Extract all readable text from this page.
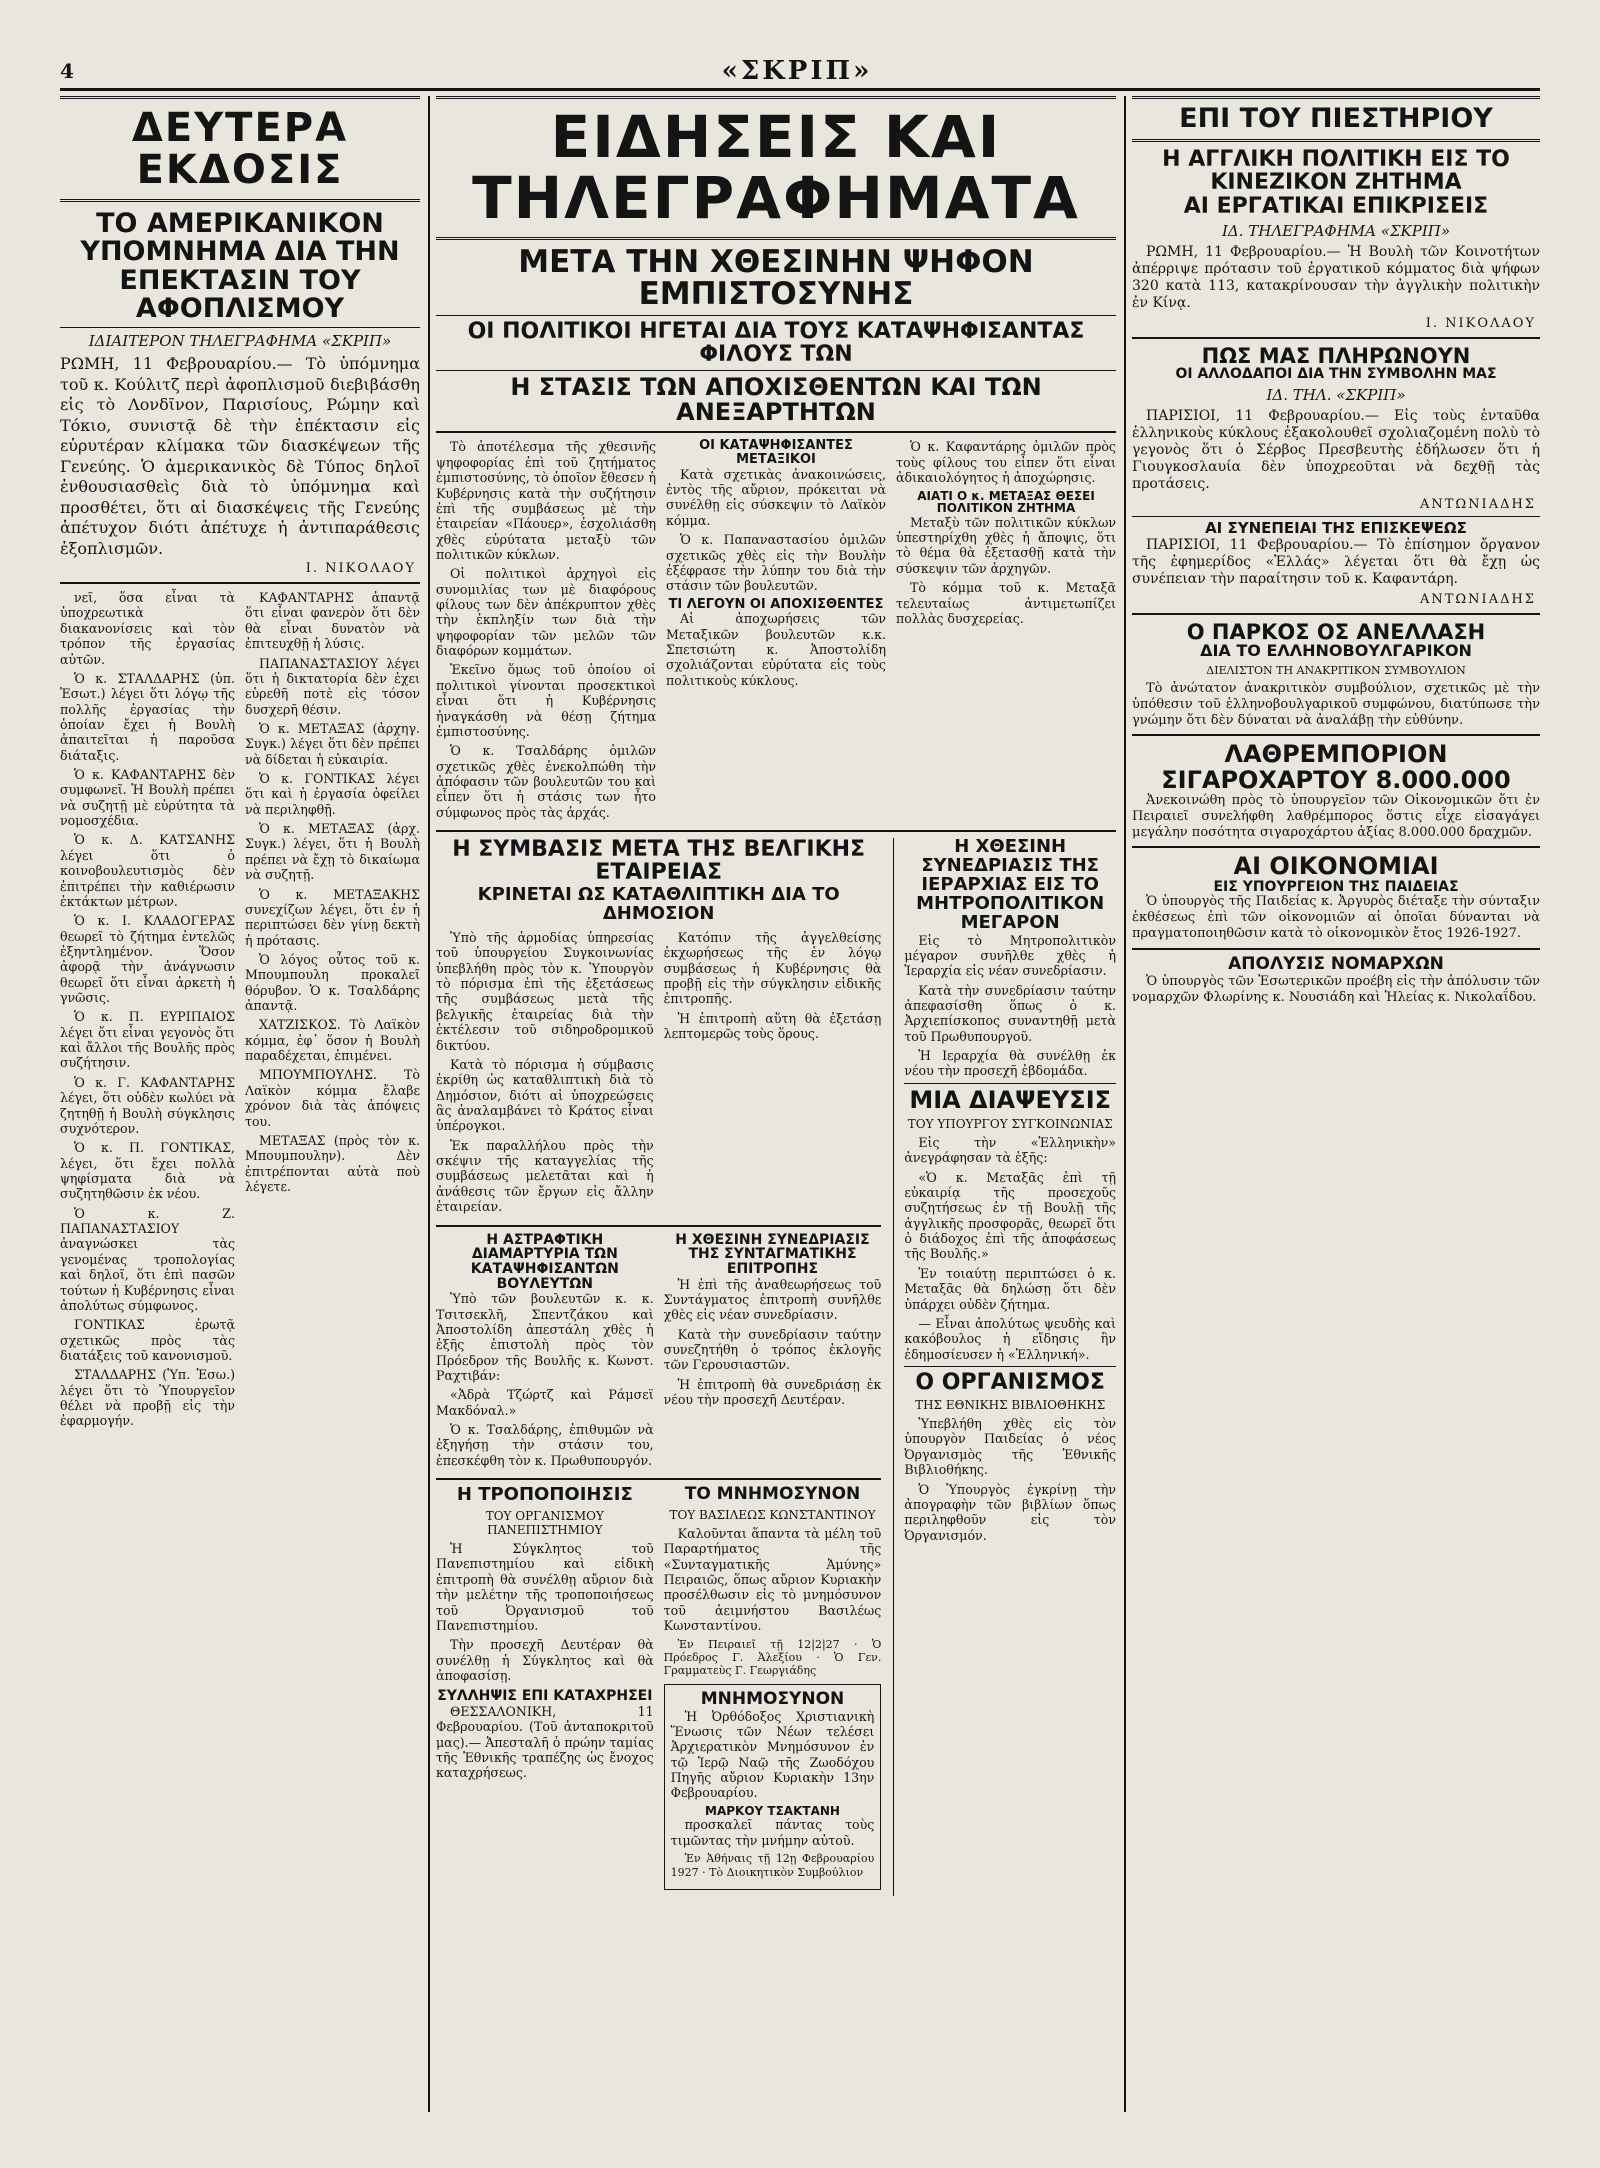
4	«ΣΚΡΙΠ»
ΔΕΥΤΕΡΑ ΕΚΔΟΣΙΣ
ΤΟ ΑΜΕΡΙΚΑΝΙΚΟΝ ΥΠΟΜΝΗΜΑ ΔΙΑ ΤΗΝ ΕΠΕΚΤΑΣΙΝ ΤΟΥ ΑΦΟΠΛΙΣΜΟΥ
ΙΔΙΑΙΤΕΡΟΝ ΤΗΛΕΓΡΑΦΗΜΑ «ΣΚΡΙΠ»

ΡΩΜΗ, 11 Φεβρουαρίου.— Τὸ ὑπόμνημα τοῦ κ. Κούλιτζ περὶ ἀφοπλισμοῦ διεβιβάσθη εἰς τὸ Λονδῖνον, Παρισίους, Ρώμην καὶ Τόκιο, συνιστᾷ δὲ τὴν ἐπέκτασιν εἰς εὐρυτέραν κλίμακα τῶν διασκέψεων τῆς Γενεύης. Ὁ ἀμερικανικὸς δὲ Τύπος δηλοῖ ἐνθουσιασθεὶς διὰ τὸ ὑπόμνημα καὶ προσθέτει, ὅτι αἱ διασκέψεις τῆς Γενεύης ἀπέτυχον διότι ἀπέτυχε ἡ ἀντιπαράθεσις ἐξοπλισμῶν.

Ι. ΝΙΚΟΛΑΟΥ

νεῖ, ὅσα εἶναι τὰ ὑποχρεωτικὰ διακανονίσεις καὶ τὸν τρόπον τῆς ἐργασίας αὐτῶν.

Ὁ κ. ΣΤΑΛΔΑΡΗΣ (ὑπ. Ἐσωτ.) λέγει ὅτι λόγῳ τῆς πολλῆς ἐργασίας τὴν ὁποίαν ἔχει ἡ Βουλὴ ἀπαιτεῖται ἡ παροῦσα διάταξις.

Ὁ κ. ΚΑΦΑΝΤΑΡΗΣ δὲν συμφωνεῖ. Ἡ Βουλὴ πρέπει νὰ συζητῇ μὲ εὐρύτητα τὰ νομοσχέδια.

Ὁ κ. Δ. ΚΑΤΣΑΝΗΣ λέγει ὅτι ὁ κοινοβουλευτισμὸς δὲν ἐπιτρέπει τὴν καθιέρωσιν ἐκτάκτων μέτρων.

Ὁ κ. Ι. ΚΛΑΔΟΓΕΡΑΣ θεωρεῖ τὸ ζήτημα ἐντελῶς ἐξηντλημένον. Ὅσον ἀφορᾷ τὴν ἀνάγνωσιν θεωρεῖ ὅτι εἶναι ἀρκετὴ ἡ γνῶσις.

Ὁ κ. Π. ΕΥΡΙΠΑΙΟΣ λέγει ὅτι εἶναι γεγονὸς ὅτι καὶ ἄλλοι τῆς Βουλῆς πρὸς συζήτησιν.

Ὁ κ. Γ. ΚΑΦΑΝΤΑΡΗΣ λέγει, ὅτι οὐδὲν κωλύει νὰ ζητηθῇ ἡ Βουλὴ σύγκλησις συχνότερον.

Ὁ κ. Π. ΓΟΝΤΙΚΑΣ, λέγει, ὅτι ἔχει πολλὰ ψηφίσματα διὰ νὰ συζητηθῶσιν ἐκ νέου.

Ὁ κ. Ζ. ΠΑΠΑΝΑΣΤΑΣΙΟΥ ἀναγνώσκει τὰς γενομένας τροπολογίας καὶ δηλοῖ, ὅτι ἐπὶ πασῶν τούτων ἡ Κυβέρνησις εἶναι ἀπολύτως σύμφωνος.

ΓΟΝΤΙΚΑΣ ἐρωτᾷ σχετικῶς πρὸς τὰς διατάξεις τοῦ κανονισμοῦ.

ΣΤΑΛΔΑΡΗΣ (Ὑπ. Ἐσω.) λέγει ὅτι τὸ Ὑπουργεῖον θέλει νὰ προβῇ εἰς τὴν ἐφαρμογήν.

ΚΑΦΑΝΤΑΡΗΣ ἀπαντᾷ ὅτι εἶναι φανερὸν ὅτι δὲν θὰ εἶναι δυνατὸν νὰ ἐπιτευχθῇ ἡ λύσις.

ΠΑΠΑΝΑΣΤΑΣΙΟΥ λέγει ὅτι ἡ δικτατορία δὲν ἐχει εὑρεθῆ ποτὲ εἰς τόσον δυσχερῆ θέσιν.

Ὁ κ. ΜΕΤΑΞΑΣ (ἀρχηγ. Συγκ.) λέγει ὅτι δὲν πρέπει νὰ δίδεται ἡ εὐκαιρία.

Ὁ κ. ΓΟΝΤΙΚΑΣ λέγει ὅτι καὶ ἡ ἐργασία ὀφείλει νὰ περιληφθῇ.

Ὁ κ. ΜΕΤΑΞΑΣ (ἀρχ. Συγκ.) λέγει, ὅτι ἡ Βουλὴ πρέπει νὰ ἔχῃ τὸ δικαίωμα νὰ συζητῇ.

Ὁ κ. ΜΕΤΑΞΑΚΗΣ συνεχίζων λέγει, ὅτι ἐν ἡ περιπτώσει δὲν γίνῃ δεκτὴ ἡ πρότασις.

Ὁ λόγος οὗτος τοῦ κ. Μπουμπουλη προκαλεῖ θόρυβον. Ὁ κ. Τσαλδάρης ἀπαντᾷ.

ΧΑΤΖΙΣΚΟΣ. Τὸ Λαϊκὸν κόμμα, ἐφ᾽ ὅσον ἡ Βουλὴ παραδέχεται, ἐπιμένει.

ΜΠΟΥΜΠΟΥΛΗΣ. Τὸ Λαϊκὸν κόμμα ἔλαβε χρόνον διὰ τὰς ἀπόψεις του.

ΜΕΤΑΞΑΣ (πρὸς τὸν κ. Μπουμπουλην). Δὲν ἐπιτρέπονται αὐτὰ ποὺ λέγετε.

ΕΙΔΗΣΕΙΣ ΚΑΙ ΤΗΛΕΓΡΑΦΗΜΑΤΑ
ΜΕΤΑ ΤΗΝ ΧΘΕΣΙΝΗΝ ΨΗΦΟΝ ΕΜΠΙΣΤΟΣΥΝΗΣ
ΟΙ ΠΟΛΙΤΙΚΟΙ ΗΓΕΤΑΙ ΔΙΑ ΤΟΥΣ ΚΑΤΑΨΗΦΙΣΑΝΤΑΣ ΦΙΛΟΥΣ ΤΩΝ
Η ΣΤΑΣΙΣ ΤΩΝ ΑΠΟΧΙΣΘΕΝΤΩΝ ΚΑΙ ΤΩΝ ΑΝΕΞΑΡΤΗΤΩΝ

Τὸ ἀποτέλεσμα τῆς χθεσινῆς ψηφοφορίας ἐπὶ τοῦ ζητήματος ἐμπιστοσύνης, τὸ ὁποῖον ἔθεσεν ἡ Κυβέρνησις κατὰ τὴν συζήτησιν ἐπὶ τῆς συμβάσεως μὲ τὴν ἑταιρείαν «Πάουερ», ἐσχολιάσθη χθὲς εὐρύτατα μεταξὺ τῶν πολιτικῶν κύκλων.

Οἱ πολιτικοὶ ἀρχηγοὶ εἰς συνομιλίας των μὲ διαφόρους φίλους των δὲν ἀπέκρυπτον χθὲς τὴν ἐκπληξίν των διὰ τὴν ψηφοφορίαν τῶν μελῶν τῶν διαφόρων κομμάτων.

Ἐκεῖνο ὅμως τοῦ ὁποίου οἱ πολιτικοὶ γίνονται προσεκτικοὶ εἶναι ὅτι ἡ Κυβέρνησις ἠναγκάσθη νὰ θέσῃ ζήτημα ἐμπιστοσύνης.

Ὁ κ. Τσαλδάρης ὁμιλῶν σχετικῶς χθὲς ἐνεκολπώθη τὴν ἀπόφασιν τῶν βουλευτῶν του καὶ εἶπεν ὅτι ἡ στάσις των ἦτο σύμφωνος πρὸς τὰς ἀρχάς.

ΟΙ ΚΑΤΑΨΗΦΙΣΑΝΤΕΣ ΜΕΤΑΞΙΚΟΙ

Κατὰ σχετικὰς ἀνακοινώσεις, ἐντὸς τῆς αὔριον, πρόκειται νὰ συνέλθῃ εἰς σύσκεψιν τὸ Λαϊκὸν κόμμα.

Ὁ κ. Παπαναστασίου ὁμιλῶν σχετικῶς χθὲς εἰς τὴν Βουλὴν ἐξέφρασε τὴν λύπην του διὰ τὴν στάσιν τῶν βουλευτῶν.

ΤΙ ΛΕΓΟΥΝ ΟΙ ΑΠΟΧΙΣΘΕΝΤΕΣ

Αἱ ἀποχωρήσεις τῶν Μεταξικῶν βουλευτῶν κ.κ. Σπετσιώτη κ. Ἀποστολίδη σχολιάζονται εὐρύτατα εἰς τοὺς πολιτικοὺς κύκλους.

Ὁ κ. Καφαντάρης ὁμιλῶν πρὸς τοὺς φίλους του εἶπεν ὅτι εἶναι ἀδικαιολόγητος ἡ ἀποχώρησις.

ΑΙΑΤΙ Ο κ. ΜΕΤΑΞΑΣ ΘΕΣΕΙ ΠΟΛΙΤΙΚΟΝ ΖΗΤΗΜΑ

Μεταξὺ τῶν πολιτικῶν κύκλων ὑπεστηρίχθη χθὲς ἡ ἄποψις, ὅτι τὸ θέμα θὰ ἐξετασθῇ κατὰ τὴν σύσκεψιν τῶν ἀρχηγῶν.

Τὸ κόμμα τοῦ κ. Μεταξᾶ τελευταίως ἀντιμετωπίζει πολλὰς δυσχερείας.

Η ΣΥΜΒΑΣΙΣ ΜΕΤΑ ΤΗΣ ΒΕΛΓΙΚΗΣ ΕΤΑΙΡΕΙΑΣ
ΚΡΙΝΕΤΑΙ ΩΣ ΚΑΤΑΘΛΙΠΤΙΚΗ ΔΙΑ ΤΟ ΔΗΜΟΣΙΟΝ

Ὑπὸ τῆς ἁρμοδίας ὑπηρεσίας τοῦ ὑπουργείου Συγκοινωνίας ὑπεβλήθη πρὸς τὸν κ. Ὑπουργὸν τὸ πόρισμα ἐπὶ τῆς ἐξετάσεως τῆς συμβάσεως μετὰ τῆς βελγικῆς ἑταιρείας διὰ τὴν ἐκτέλεσιν τοῦ σιδηροδρομικοῦ δικτύου.

Κατὰ τὸ πόρισμα ἡ σύμβασις ἐκρίθη ὡς καταθλιπτικὴ διὰ τὸ Δημόσιον, διότι αἱ ὑποχρεώσεις ἃς ἀναλαμβάνει τὸ Κράτος εἶναι ὑπέρογκοι.

Ἐκ παραλλήλου πρὸς τὴν σκέψιν τῆς καταγγελίας τῆς συμβάσεως μελετᾶται καὶ ἡ ἀνάθεσις τῶν ἔργων εἰς ἄλλην ἑταιρείαν.

Κατόπιν τῆς ἀγγελθείσης ἐκχωρήσεως τῆς ἐν λόγῳ συμβάσεως ἡ Κυβέρνησις θὰ προβῇ εἰς τὴν σύγκλησιν εἰδικῆς ἐπιτροπῆς.

Ἡ ἐπιτροπὴ αὕτη θὰ ἐξετάσῃ λεπτομερῶς τοὺς ὅρους.

Η ΑΣΤΡΑΦΤΙΚΗ ΔΙΑΜΑΡΤΥΡΙΑ ΤΩΝ ΚΑΤΑΨΗΦΙΣΑΝΤΩΝ ΒΟΥΛΕΥΤΩΝ

Ὑπὸ τῶν βουλευτῶν κ. κ. Τσιτσεκλῆ, Σπεντζάκου καὶ Ἀποστολίδη ἀπεστάλη χθὲς ἡ ἑξῆς ἐπιστολὴ πρὸς τὸν Πρόεδρον τῆς Βουλῆς κ. Κωνστ. Ραχτιβάν:

«Ἀδρὰ Τζώρτζ καὶ Ράμσεϊ Μακδόναλ.»

Ὁ κ. Τσαλδάρης, ἐπιθυμῶν νὰ ἐξηγήσῃ τὴν στάσιν του, ἐπεσκέφθη τὸν κ. Πρωθυπουργόν.

Η ΧΘΕΣΙΝΗ ΣΥΝΕΔΡΙΑΣΙΣ ΤΗΣ ΣΥΝΤΑΓΜΑΤΙΚΗΣ ΕΠΙΤΡΟΠΗΣ

Ἡ ἐπὶ τῆς ἀναθεωρήσεως τοῦ Συντάγματος ἐπιτροπὴ συνῆλθε χθὲς εἰς νέαν συνεδρίασιν.

Κατὰ τὴν συνεδρίασιν ταύτην συνεζητήθη ὁ τρόπος ἐκλογῆς τῶν Γερουσιαστῶν.

Ἡ ἐπιτροπὴ θὰ συνεδριάσῃ ἐκ νέου τὴν προσεχῆ Δευτέραν.

Η ΤΡΟΠΟΠΟΙΗΣΙΣ
ΤΟΥ ΟΡΓΑΝΙΣΜΟΥ ΠΑΝΕΠΙΣΤΗΜΙΟΥ

Ἡ Σύγκλητος τοῦ Πανεπιστημίου καὶ εἰδικὴ ἐπιτροπὴ θὰ συνέλθῃ αὔριον διὰ τὴν μελέτην τῆς τροποποιήσεως τοῦ Ὀργανισμοῦ τοῦ Πανεπιστημίου.

Τὴν προσεχῆ Δευτέραν θὰ συνέλθῃ ἡ Σύγκλητος καὶ θὰ ἀποφασίσῃ.

ΣΥΛΛΗΨΙΣ ΕΠΙ ΚΑΤΑΧΡΗΣΕΙ

ΘΕΣΣΑΛΟΝΙΚΗ, 11 Φεβρουαρίου. (Τοῦ ἀνταποκριτοῦ μας).— Ἀπεσταλῆ ὁ πρώην ταμίας τῆς Ἐθνικῆς τραπέζης ὡς ἔνοχος καταχρήσεως.

ΤΟ ΜΝΗΜΟΣΥΝΟΝ
ΤΟΥ ΒΑΣΙΛΕΩΣ ΚΩΝΣΤΑΝΤΙΝΟΥ

Καλοῦνται ἅπαντα τὰ μέλη τοῦ Παραρτήματος τῆς «Συνταγματικῆς Ἀμύνης» Πειραιῶς, ὅπως αὔριον Κυριακὴν προσέλθωσιν εἰς τὸ μνημόσυνον τοῦ ἀειμνήστου Βασιλέως Κωνσταντίνου.

Ἐν Πειραιεῖ τῇ 12|2|27 · Ὁ Πρόεδρος Γ. Ἀλεξίου · Ὁ Γεν. Γραμματεὺς Γ. Γεωργιάδης

ΜΝΗΜΟΣΥΝΟΝ

Ἡ Ὀρθόδοξος Χριστιανικὴ Ἕνωσις τῶν Νέων τελέσει Ἀρχιερατικὸν Μνημόσυνον ἐν τῷ Ἱερῷ Ναῷ τῆς Ζωοδόχου Πηγῆς αὔριον Κυριακὴν 13ην Φεβρουαρίου.

ΜΑΡΚΟΥ ΤΣΑΚΤΑΝΗ

προσκαλεῖ πάντας τοὺς τιμῶντας τὴν μνήμην αὐτοῦ.

Ἐν Ἀθήναις τῇ 12ῃ Φεβρουαρίου 1927 · Τὸ Διοικητικὸν Συμβούλιον

Η ΧΘΕΣΙΝΗ ΣΥΝΕΔΡΙΑΣΙΣ ΤΗΣ ΙΕΡΑΡΧΙΑΣ ΕΙΣ ΤΟ ΜΗΤΡΟΠΟΛΙΤΙΚΟΝ ΜΕΓΑΡΟΝ

Εἰς τὸ Μητροπολιτικὸν μέγαρον συνῆλθε χθὲς ἡ Ἱεραρχία εἰς νέαν συνεδρίασιν.

Κατὰ τὴν συνεδρίασιν ταύτην ἀπεφασίσθη ὅπως ὁ κ. Ἀρχιεπίσκοπος συναντηθῇ μετὰ τοῦ Πρωθυπουργοῦ.

Ἡ Ιεραρχία θὰ συνέλθῃ ἐκ νέου τὴν προσεχῆ ἑβδομάδα.

ΜΙΑ ΔΙΑΨΕΥΣΙΣ
ΤΟΥ ΥΠΟΥΡΓΟΥ ΣΥΓΚΟΙΝΩΝΙΑΣ

Εἰς τὴν «Ἑλληνικὴν» ἀνεγράφησαν τὰ ἑξῆς:

«Ὁ κ. Μεταξᾶς ἐπὶ τῇ εὐκαιρίᾳ τῆς προσεχοῦς συζητήσεως ἐν τῇ Βουλῇ τῆς ἀγγλικῆς προσφορᾶς, θεωρεῖ ὅτι ὁ διάδοχος ἐπὶ τῆς ἀποφάσεως τῆς Βουλῆς.»

Ἐν τοιαύτῃ περιπτώσει ὁ κ. Μεταξᾶς θὰ δηλώσῃ ὅτι δὲν ὑπάρχει οὐδὲν ζήτημα.

— Εἶναι ἀπολύτως ψευδὴς καὶ κακόβουλος ἡ εἴδησις ἣν ἐδημοσίευσεν ἡ «Ἑλληνική».

Ο ΟΡΓΑΝΙΣΜΟΣ
ΤΗΣ ΕΘΝΙΚΗΣ ΒΙΒΛΙΟΘΗΚΗΣ

Ὑπεβλήθη χθὲς εἰς τὸν ὑπουργὸν Παιδείας ὁ νέος Ὀργανισμὸς τῆς Ἐθνικῆς Βιβλιοθήκης.

Ὁ Ὑπουργὸς ἐγκρίνῃ τὴν ἀπογραφὴν τῶν βιβλίων ὅπως περιληφθοῦν εἰς τὸν Ὀργανισμόν.

ΕΠΙ ΤΟΥ ΠΙΕΣΤΗΡΙΟΥ
Η ΑΓΓΛΙΚΗ ΠΟΛΙΤΙΚΗ ΕΙΣ ΤΟ ΚΙΝΕΖΙΚΟΝ ΖΗΤΗΜΑ
ΑΙ ΕΡΓΑΤΙΚΑΙ ΕΠΙΚΡΙΣΕΙΣ
ΙΔ. ΤΗΛΕΓΡΑΦΗΜΑ «ΣΚΡΙΠ»

ΡΩΜΗ, 11 Φεβρουαρίου.— Ἡ Βουλὴ τῶν Κοινοτήτων ἀπέρριψε πρότασιν τοῦ ἐργατικοῦ κόμματος διὰ ψήφων 320 κατὰ 113, κατακρίνουσαν τὴν ἀγγλικὴν πολιτικὴν ἐν Κίνᾳ.

Ι. ΝΙΚΟΛΑΟΥ
ΠΩΣ ΜΑΣ ΠΛΗΡΩΝΟΥΝ
ΟΙ ΑΛΛΟΔΑΠΟΙ ΔΙΑ ΤΗΝ ΣΥΜΒΟΛΗΝ ΜΑΣ
ΙΔ. ΤΗΛ. «ΣΚΡΙΠ»

ΠΑΡΙΣΙΟΙ, 11 Φεβρουαρίου.— Εἰς τοὺς ἐνταῦθα ἑλληνικοὺς κύκλους ἐξακολουθεῖ σχολιαζομένη πολὺ τὸ γεγονὸς ὅτι ὁ Σέρβος Πρεσβευτὴς ἐδήλωσεν ὅτι ἡ Γιουγκοσλαυία δὲν ὑποχρεοῦται νὰ δεχθῇ τὰς προτάσεις.

ΑΝΤΩΝΙΑΔΗΣ
ΑΙ ΣΥΝΕΠΕΙΑΙ ΤΗΣ ΕΠΙΣΚΕΨΕΩΣ

ΠΑΡΙΣΙΟΙ, 11 Φεβρουαρίου.— Τὸ ἐπίσημον ὄργανον τῆς ἐφημερίδος «Ἑλλάς» λέγεται ὅτι θὰ ἔχῃ ὡς συνέπειαν τὴν παραίτησιν τοῦ κ. Καφαντάρη.

ΑΝΤΩΝΙΑΔΗΣ
Ο ΠΑΡΚΟΣ ΟΣ ΑΝΕΛΛΑΣΗ
ΔΙΑ ΤΟ ΕΛΛΗΝΟΒΟΥΛΓΑΡΙΚΟΝ
ΔΙΕΛΙΣΤΟΝ ΤΗ ΑΝΑΚΡΙΤΙΚΟΝ ΣΥΜΒΟΥΛΙΟΝ

Τὸ ἀνώτατον ἀνακριτικὸν συμβούλιον, σχετικῶς μὲ τὴν ὑπόθεσιν τοῦ ἑλληνοβουλγαρικοῦ συμφώνου, διατύπωσε τὴν γνώμην ὅτι δὲν δύναται νὰ ἀναλάβῃ τὴν εὐθύνην.

ΛΑΘΡΕΜΠΟΡΙΟΝ
ΣΙΓΑΡΟΧΑΡΤΟΥ 8.000.000

Ἀνεκοινώθη πρὸς τὸ ὑπουργεῖον τῶν Οἰκονομικῶν ὅτι ἐν Πειραιεῖ συνελήφθη λαθρέμπορος ὅστις εἶχε εἰσαγάγει μεγάλην ποσότητα σιγαροχάρτου ἀξίας 8.000.000 δραχμῶν.

ΑΙ ΟΙΚΟΝΟΜΙΑΙ
ΕΙΣ ΥΠΟΥΡΓΕΙΟΝ ΤΗΣ ΠΑΙΔΕΙΑΣ

Ὁ ὑπουργὸς τῆς Παιδείας κ. Ἀργυρὸς διέταξε τὴν σύνταξιν ἐκθέσεως ἐπὶ τῶν οἰκονομιῶν αἱ ὁποῖαι δύνανται νὰ πραγματοποιηθῶσιν κατὰ τὸ οἰκονομικὸν ἔτος 1926-1927.

ΑΠΟΛΥΣΙΣ ΝΟΜΑΡΧΩΝ

Ὁ ὑπουργὸς τῶν Ἐσωτερικῶν προέβη εἰς τὴν ἀπόλυσιν τῶν νομαρχῶν Φλωρίνης κ. Νουσιάδη καὶ Ἠλείας κ. Νικολαΐδου.
